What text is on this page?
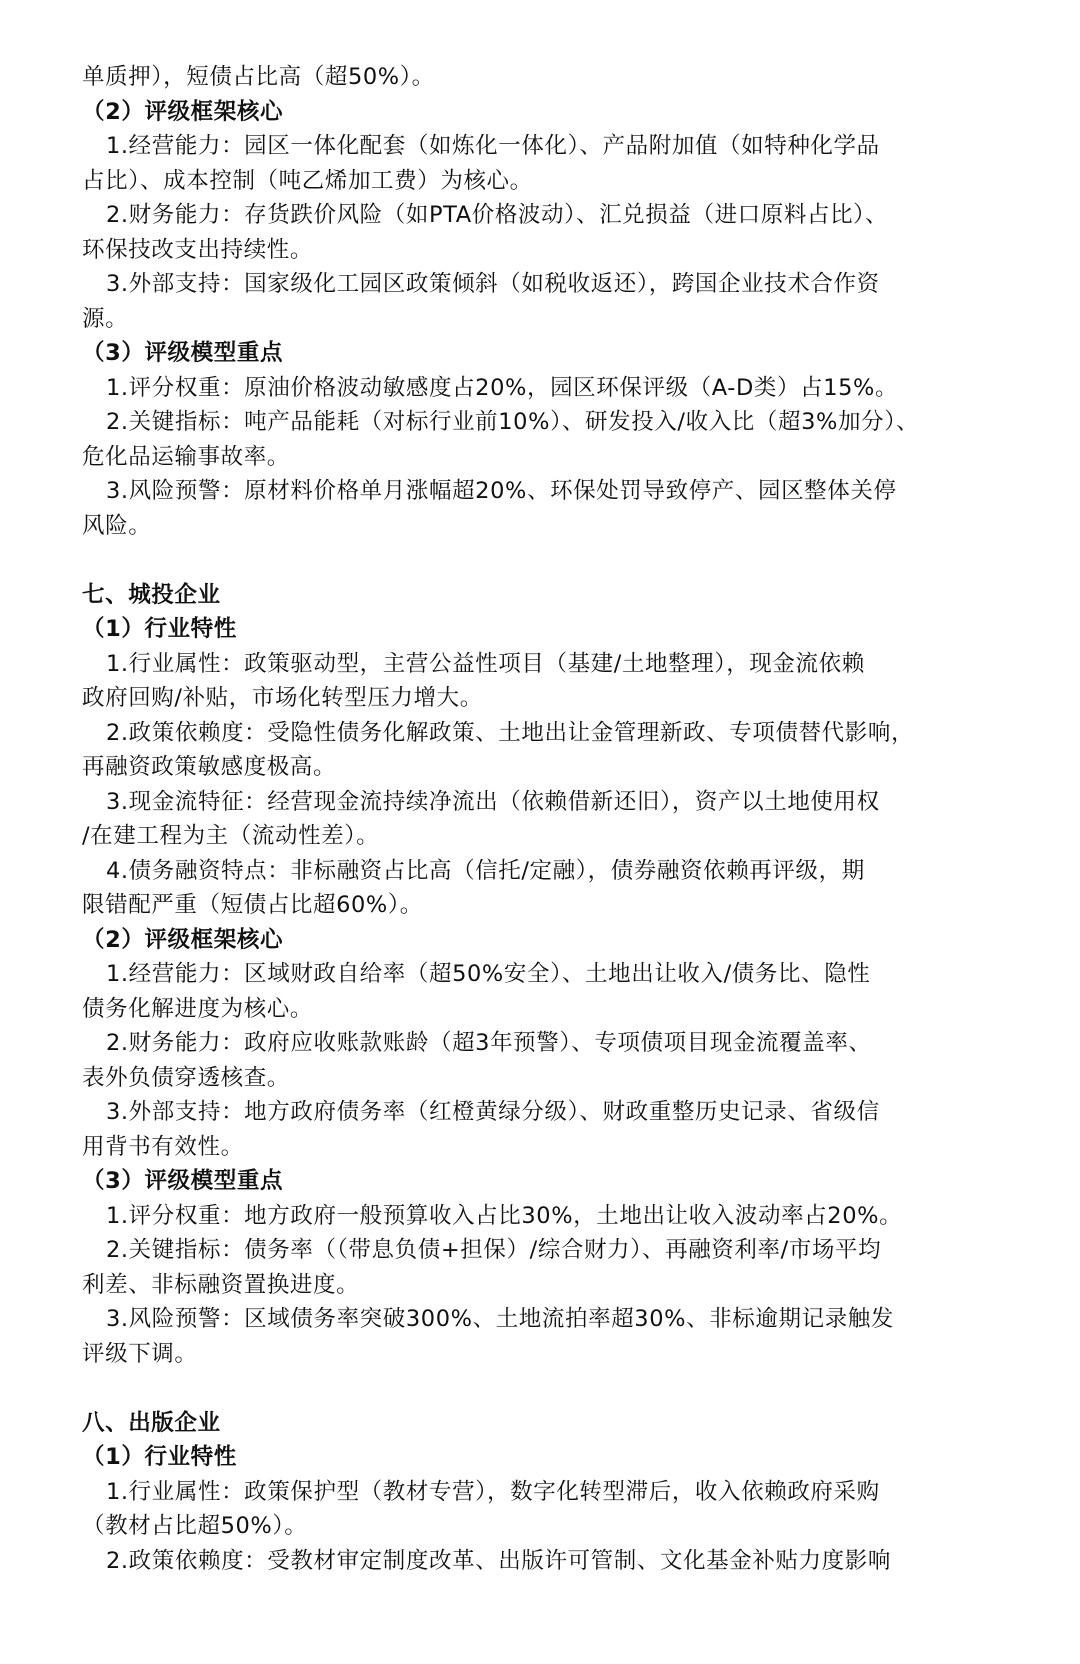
单质押），短债占比高（超50%）。
（2）评级框架核心
1.经营能力：园区一体化配套（如炼化一体化）、产品附加值（如特种化学品
占比）、成本控制（吨乙烯加工费）为核心。
2.财务能力：存货跌价风险（如PTA价格波动）、汇兑损益（进口原料占比）、
环保技改支出持续性。
3.外部支持：国家级化工园区政策倾斜（如税收返还），跨国企业技术合作资
源。
（3）评级模型重点
1.评分权重：原油价格波动敏感度占20%，园区环保评级（A-D类）占15%。
2.关键指标：吨产品能耗（对标行业前10%）、研发投入/收入比（超3%加分）、
危化品运输事故率。
3.风险预警：原材料价格单月涨幅超20%、环保处罚导致停产、园区整体关停
风险。
七、城投企业
（1）行业特性
1.行业属性：政策驱动型，主营公益性项目（基建/土地整理），现金流依赖
政府回购/补贴，市场化转型压力增大。
2.政策依赖度：受隐性债务化解政策、土地出让金管理新政、专项债替代影响，
再融资政策敏感度极高。
3.现金流特征：经营现金流持续净流出（依赖借新还旧），资产以土地使用权
/在建工程为主（流动性差）。
4.债务融资特点：非标融资占比高（信托/定融），债券融资依赖再评级，期
限错配严重（短债占比超60%）。
（2）评级框架核心
1.经营能力：区域财政自给率（超50%安全）、土地出让收入/债务比、隐性
债务化解进度为核心。
2.财务能力：政府应收账款账龄（超3年预警）、专项债项目现金流覆盖率、
表外负债穿透核查。
3.外部支持：地方政府债务率（红橙黄绿分级）、财政重整历史记录、省级信
用背书有效性。
（3）评级模型重点
1.评分权重：地方政府一般预算收入占比30%，土地出让收入波动率占20%。
2.关键指标：债务率（（带息负债+担保）/综合财力）、再融资利率/市场平均
利差、非标融资置换进度。
3.风险预警：区域债务率突破300%、土地流拍率超30%、非标逾期记录触发
评级下调。
八、出版企业
（1）行业特性
1.行业属性：政策保护型（教材专营），数字化转型滞后，收入依赖政府采购
（教材占比超50%）。
2.政策依赖度：受教材审定制度改革、出版许可管制、文化基金补贴力度影响
